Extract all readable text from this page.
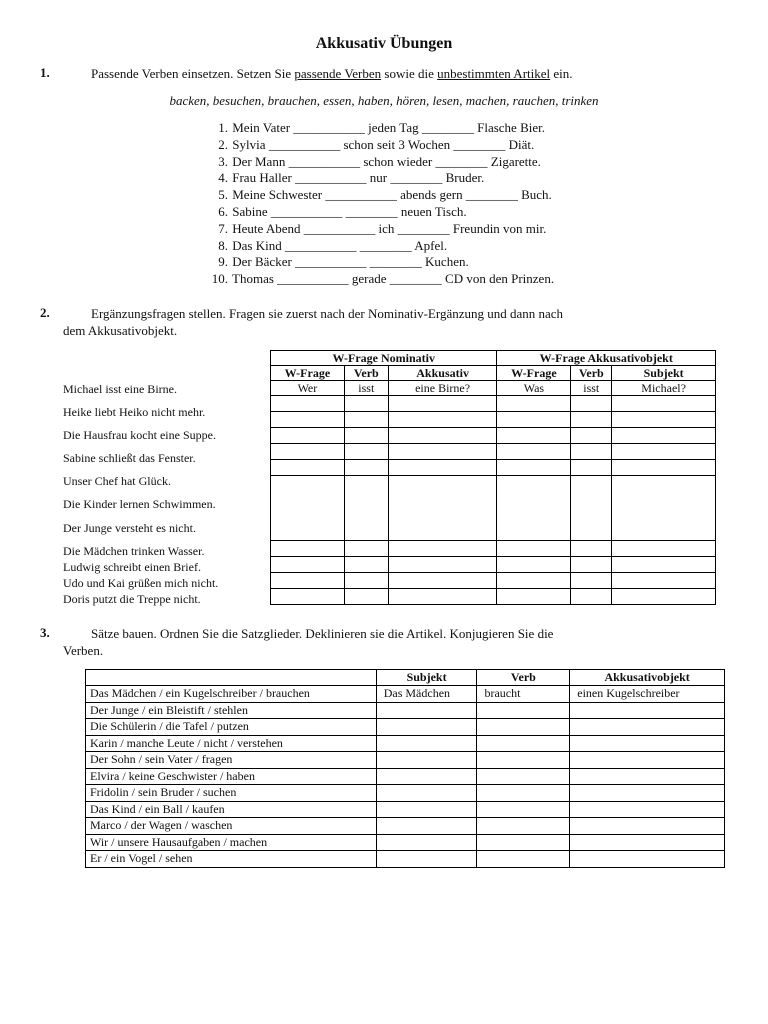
Akkusativ Übungen
1.	Passende Verben einsetzen. Setzen Sie passende Verben sowie die unbestimmten Artikel ein.
backen, besuchen, brauchen, essen, haben, hören, lesen, machen, rauchen, trinken
1. Mein Vater ___________ jeden Tag ________ Flasche Bier.
2. Sylvia ___________ schon seit 3 Wochen ________ Diät.
3. Der Mann ___________ schon wieder ________ Zigarette.
4. Frau Haller ___________ nur ________ Bruder.
5. Meine Schwester ___________ abends gern ________ Buch.
6. Sabine ___________ ________ neuen Tisch.
7. Heute Abend ___________ ich ________ Freundin von mir.
8. Das Kind ___________ ________ Apfel.
9. Der Bäcker ___________ ________ Kuchen.
10. Thomas ___________ gerade ________ CD von den Prinzen.
2.	Ergänzungsfragen stellen. Fragen sie zuerst nach der Nominativ-Ergänzung und dann nach
dem Akkusativobjekt.
Michael isst eine Birne.
Heike liebt Heiko nicht mehr.
Die Hausfrau kocht eine Suppe.
Sabine schließt das Fenster.
Unser Chef hat Glück.
Die Kinder lernen Schwimmen.
Der Junge versteht es nicht.
Die Mädchen trinken Wasser.
Ludwig schreibt einen Brief.
Udo und Kai grüßen mich nicht.
Doris putzt die Treppe nicht.
W-Frage Nominativ			W-Frage Akkusativobjekt		
W-Frage	Verb	Akkusativ	W-Frage	Verb	Subjekt
Wer	isst	eine Birne?	Was	isst	Michael?

3.	Sätze bauen. Ordnen Sie die Satzglieder. Deklinieren sie die Artikel. Konjugieren Sie die
Verben.
	Subjekt	Verb	Akkusativobjekt
Das Mädchen / ein Kugelschreiber / brauchen	Das Mädchen	braucht	einen Kugelschreiber
Der Junge / ein Bleistift / stehlen			
Die Schülerin / die Tafel / putzen			
Karin / manche Leute / nicht / verstehen			
Der Sohn / sein Vater / fragen			
Elvira / keine Geschwister / haben			
Fridolin / sein Bruder / suchen			
Das Kind / ein Ball / kaufen			
Marco / der Wagen / waschen			
Wir / unsere Hausaufgaben / machen			
Er / ein Vogel / sehen			
